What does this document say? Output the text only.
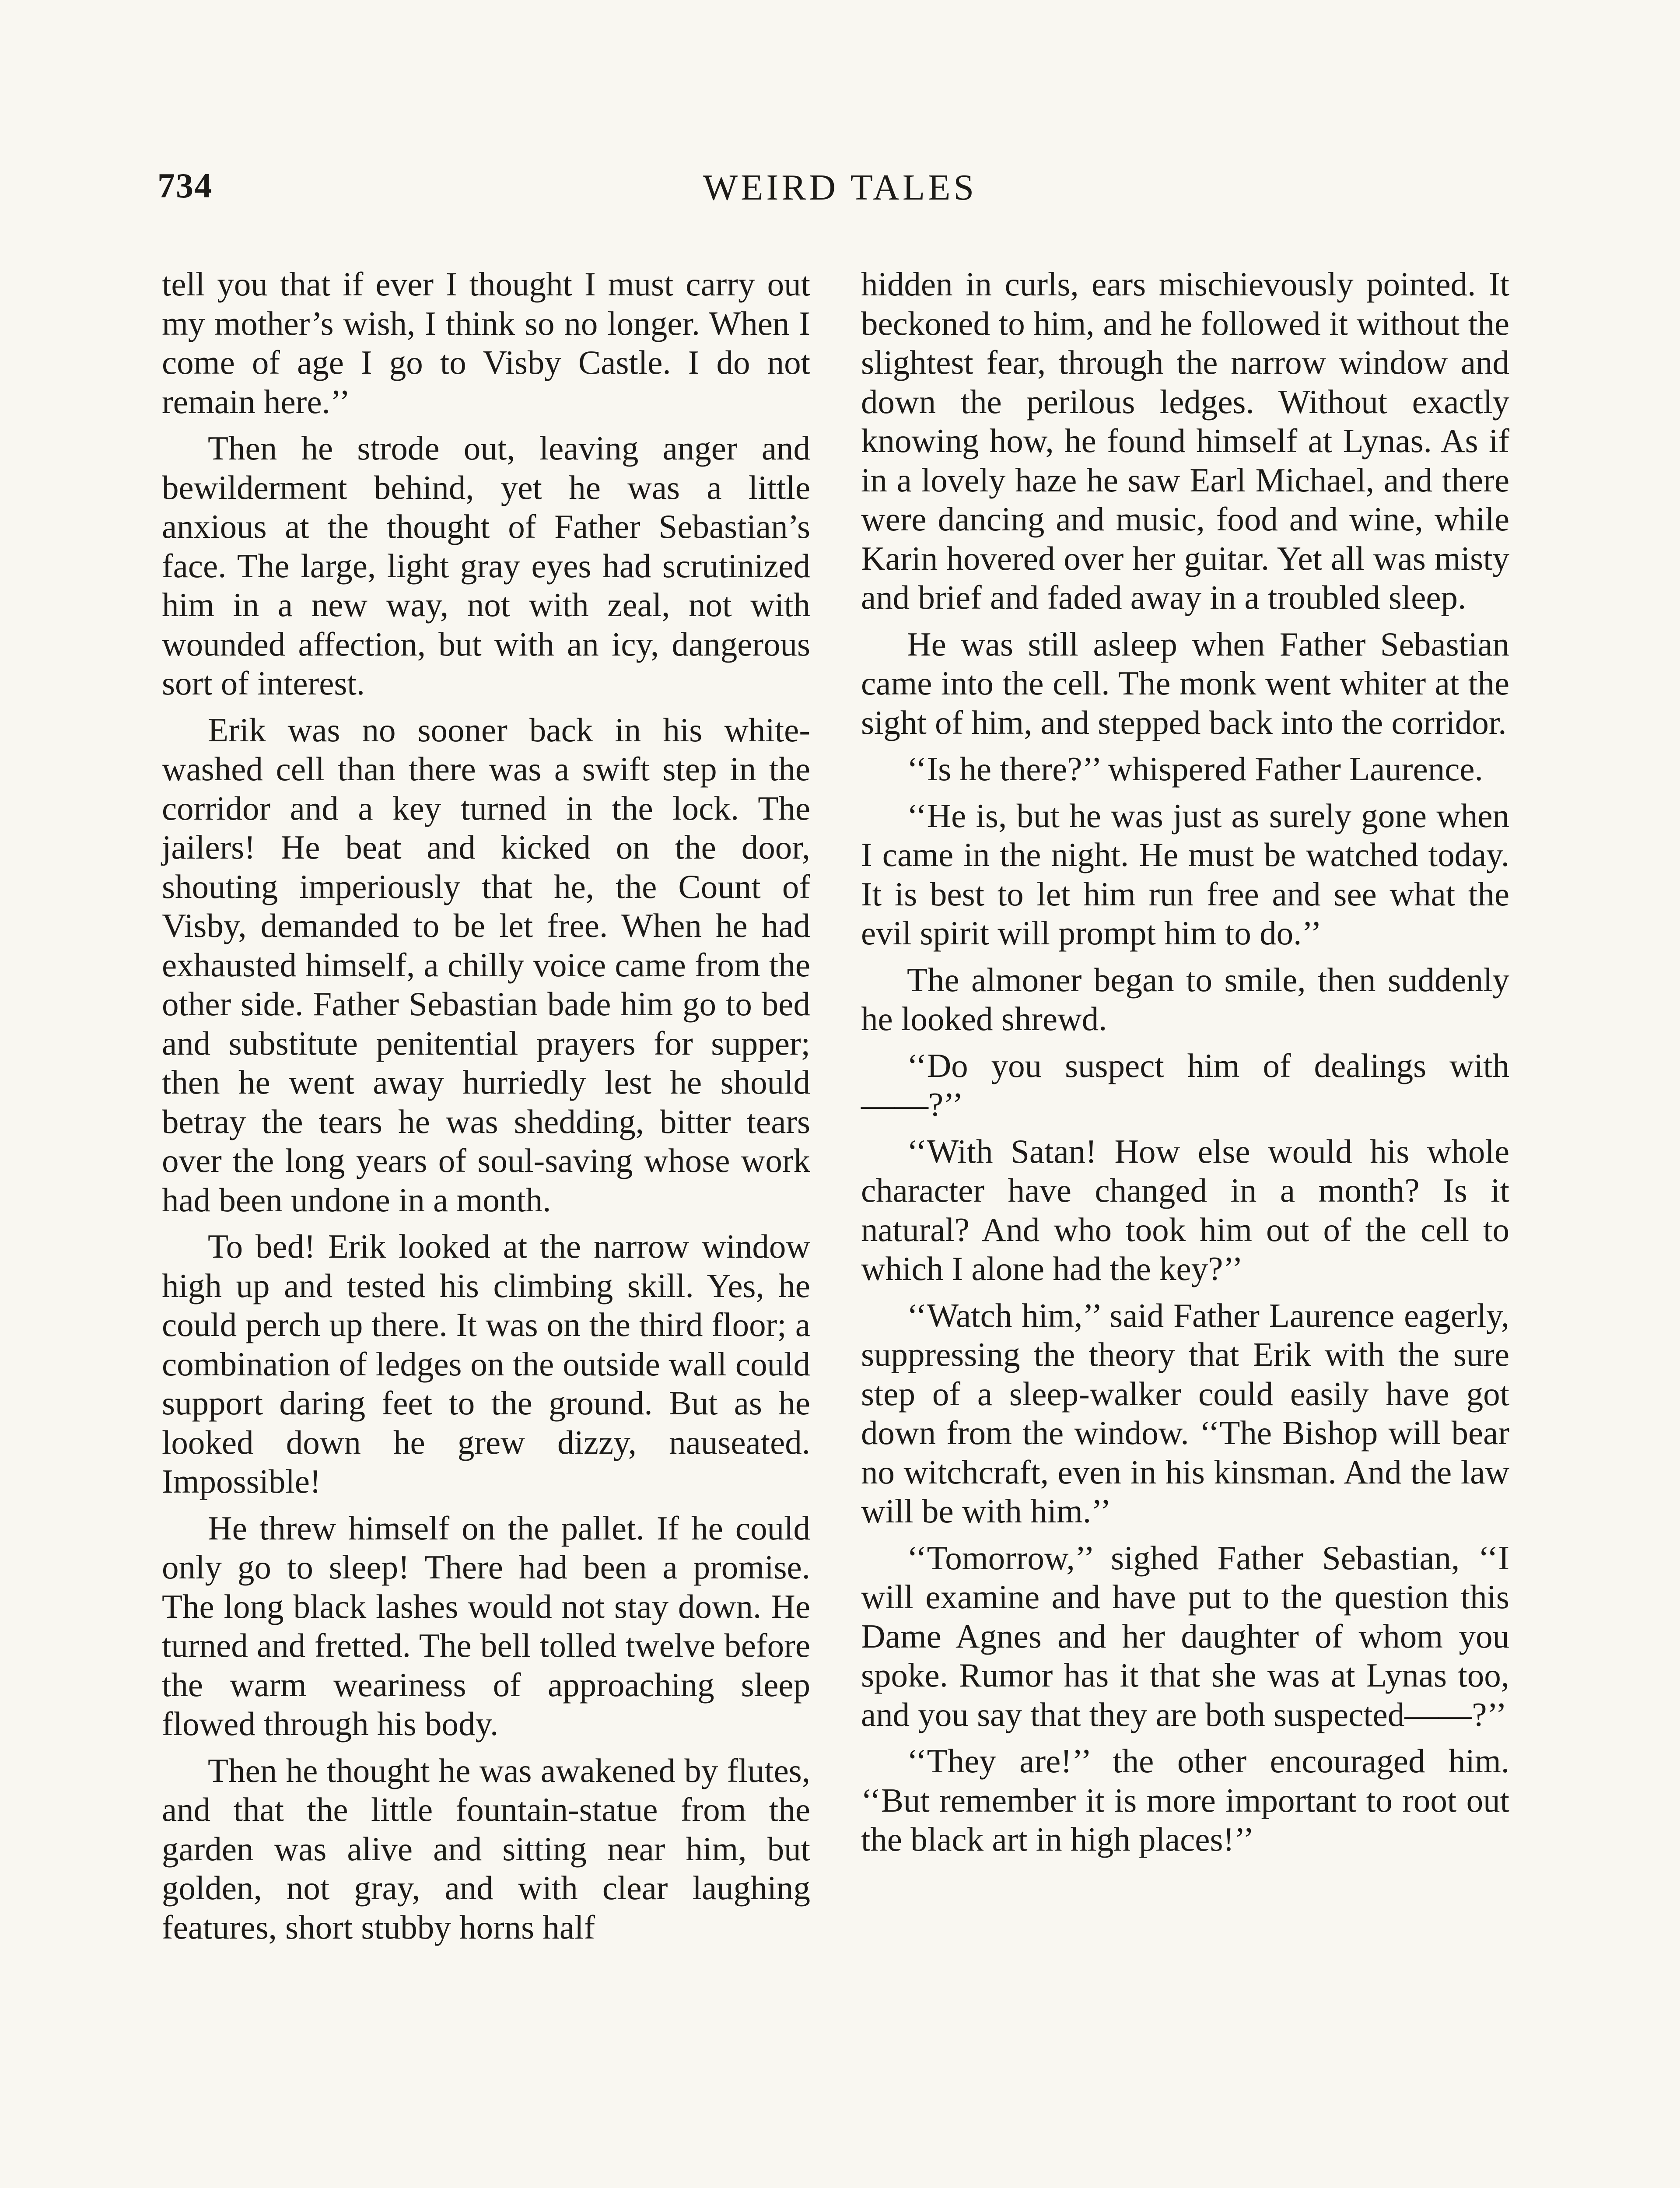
734	WEIRD TALES

tell you that if ever I thought I must carry out my mother’s wish, I think so no longer. When I come of age I go to Visby Castle. I do not remain here.’’

Then he strode out, leaving anger and bewilderment behind, yet he was a little anxious at the thought of Father Sebastian’s face. The large, light gray eyes had scrutinized him in a new way, not with zeal, not with wounded affection, but with an icy, dangerous sort of interest.

Erik was no sooner back in his white-washed cell than there was a swift step in the corridor and a key turned in the lock. The jailers! He beat and kicked on the door, shouting imperiously that he, the Count of Visby, demanded to be let free. When he had exhausted himself, a chilly voice came from the other side. Father Sebastian bade him go to bed and substitute penitential prayers for supper; then he went away hurriedly lest he should betray the tears he was shedding, bitter tears over the long years of soul-saving whose work had been undone in a month.

To bed! Erik looked at the narrow window high up and tested his climbing skill. Yes, he could perch up there. It was on the third floor; a combination of ledges on the outside wall could support daring feet to the ground. But as he looked down he grew dizzy, nauseated. Impossible!

He threw himself on the pallet. If he could only go to sleep! There had been a promise. The long black lashes would not stay down. He turned and fretted. The bell tolled twelve before the warm weariness of approaching sleep flowed through his body.

Then he thought he was awakened by flutes, and that the little fountain-statue from the garden was alive and sitting near him, but golden, not gray, and with clear laughing features, short stubby horns half

hidden in curls, ears mischievously pointed. It beckoned to him, and he followed it without the slightest fear, through the narrow window and down the perilous ledges. Without exactly knowing how, he found himself at Lynas. As if in a lovely haze he saw Earl Michael, and there were dancing and music, food and wine, while Karin hovered over her guitar. Yet all was misty and brief and faded away in a troubled sleep.

He was still asleep when Father Sebastian came into the cell. The monk went whiter at the sight of him, and stepped back into the corridor.

‘‘Is he there?’’ whispered Father Laurence.

‘‘He is, but he was just as surely gone when I came in the night. He must be watched today. It is best to let him run free and see what the evil spirit will prompt him to do.’’

The almoner began to smile, then suddenly he looked shrewd.

‘‘Do you suspect him of dealings with——?’’

‘‘With Satan! How else would his whole character have changed in a month? Is it natural? And who took him out of the cell to which I alone had the key?’’

‘‘Watch him,’’ said Father Laurence eagerly, suppressing the theory that Erik with the sure step of a sleep-walker could easily have got down from the window. ‘‘The Bishop will bear no witchcraft, even in his kinsman. And the law will be with him.’’

‘‘Tomorrow,’’ sighed Father Sebastian, ‘‘I will examine and have put to the question this Dame Agnes and her daughter of whom you spoke. Rumor has it that she was at Lynas too, and you say that they are both suspected——?’’

‘‘They are!’’ the other encouraged him. ‘‘But remember it is more important to root out the black art in high places!’’
